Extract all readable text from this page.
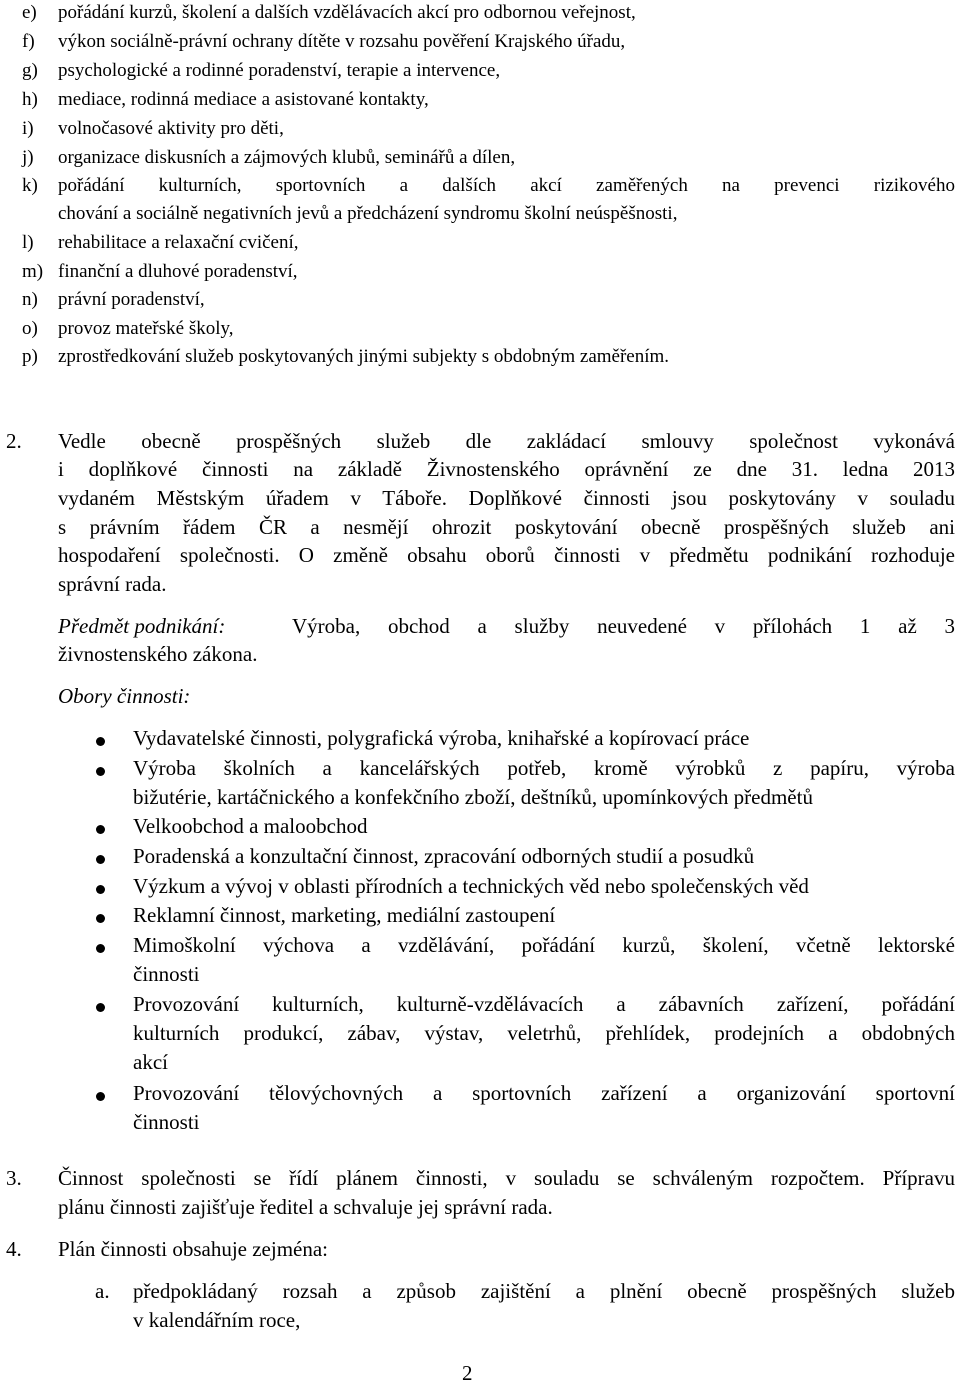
e) pořádání kurzů, školení a dalších vzdělávacích akcí pro odbornou veřejnost,
f) výkon sociálně-právní ochrany dítěte v rozsahu pověření Krajského úřadu,
g) psychologické a rodinné poradenství, terapie a intervence,
h) mediace, rodinná mediace a asistované kontakty,
i) volnočasové aktivity pro děti,
j) organizace diskusních a zájmových klubů, seminářů a dílen,
k) pořádání kulturních, sportovních a dalších akcí zaměřených na prevenci rizikového
chování a sociálně negativních jevů a předcházení syndromu školní neúspěšnosti,
l) rehabilitace a relaxační cvičení,
m) finanční a dluhové poradenství,
n) právní poradenství,
o) provoz mateřské školy,
p) zprostředkování služeb poskytovaných jinými subjekty s obdobným zaměřením.
2. Vedle obecně prospěšných služeb dle zakládací smlouvy společnost vykonává
i doplňkové činnosti na základě Živnostenského oprávnění ze dne 31. ledna 2013
vydaném Městským úřadem v Táboře. Doplňkové činnosti jsou poskytovány v souladu
s právním řádem ČR a nesmějí ohrozit poskytování obecně prospěšných služeb ani
hospodaření společnosti. O změně obsahu oborů činnosti v předmětu podnikání rozhoduje
správní rada.
Předmět podnikání:	Výroba, obchod a služby neuvedené v přílohách 1 až 3
živnostenského zákona.
Obory činnosti:
Vydavatelské činnosti, polygrafická výroba, knihařské a kopírovací práce
Výroba školních a kancelářských potřeb, kromě výrobků z papíru, výroba
bižutérie, kartáčnického a konfekčního zboží, deštníků, upomínkových předmětů
Velkoobchod a maloobchod
Poradenská a konzultační činnost, zpracování odborných studií a posudků
Výzkum a vývoj v oblasti přírodních a technických věd nebo společenských věd
Reklamní činnost, marketing, mediální zastoupení
Mimoškolní výchova a vzdělávání, pořádání kurzů, školení, včetně lektorské
činnosti
Provozování kulturních, kulturně-vzdělávacích a zábavních zařízení, pořádání
kulturních produkcí, zábav, výstav, veletrhů, přehlídek, prodejních a obdobných
akcí
Provozování tělovýchovných a sportovních zařízení a organizování sportovní
činnosti
3. Činnost společnosti se řídí plánem činnosti, v souladu se schváleným rozpočtem. Přípravu
plánu činnosti zajišťuje ředitel a schvaluje jej správní rada.
4. Plán činnosti obsahuje zejména:
a. předpokládaný rozsah a způsob zajištění a plnění obecně prospěšných služeb
v kalendářním roce,
2
